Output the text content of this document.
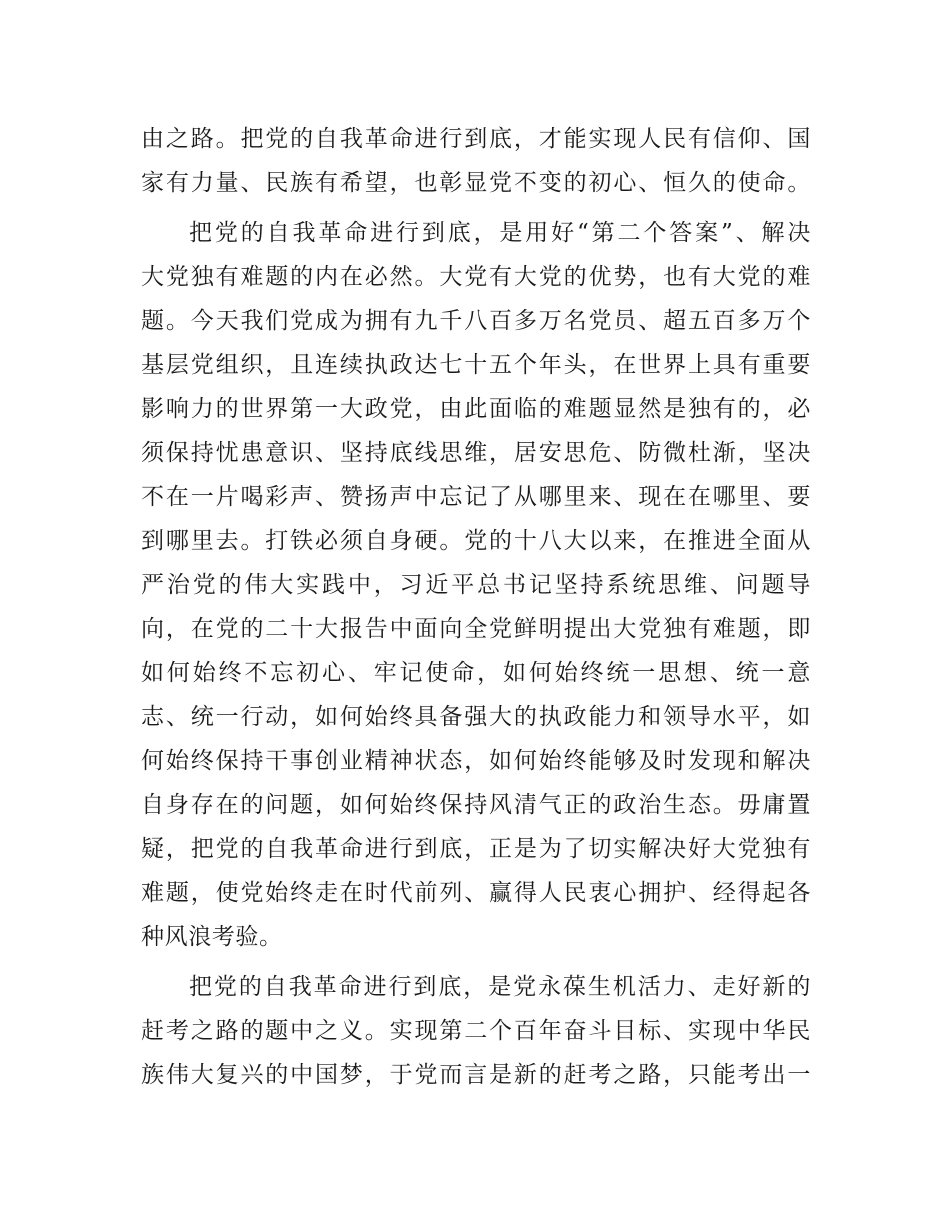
由之路。把党的自我革命进行到底，才能实现人民有信仰、国
家有力量、民族有希望，也彰显党不变的初心、恒久的使命。
把党的自我革命进行到底，是用好“第二个答案”、解决
大党独有难题的内在必然。大党有大党的优势，也有大党的难
题。今天我们党成为拥有九千八百多万名党员、超五百多万个
基层党组织，且连续执政达七十五个年头，在世界上具有重要
影响力的世界第一大政党，由此面临的难题显然是独有的，必
须保持忧患意识、坚持底线思维，居安思危、防微杜渐，坚决
不在一片喝彩声、赞扬声中忘记了从哪里来、现在在哪里、要
到哪里去。打铁必须自身硬。党的十八大以来，在推进全面从
严治党的伟大实践中，习近平总书记坚持系统思维、问题导
向，在党的二十大报告中面向全党鲜明提出大党独有难题，即
如何始终不忘初心、牢记使命，如何始终统一思想、统一意
志、统一行动，如何始终具备强大的执政能力和领导水平，如
何始终保持干事创业精神状态，如何始终能够及时发现和解决
自身存在的问题，如何始终保持风清气正的政治生态。毋庸置
疑，把党的自我革命进行到底，正是为了切实解决好大党独有
难题，使党始终走在时代前列、赢得人民衷心拥护、经得起各
种风浪考验。
把党的自我革命进行到底，是党永葆生机活力、走好新的
赶考之路的题中之义。实现第二个百年奋斗目标、实现中华民
族伟大复兴的中国梦，于党而言是新的赶考之路，只能考出一
